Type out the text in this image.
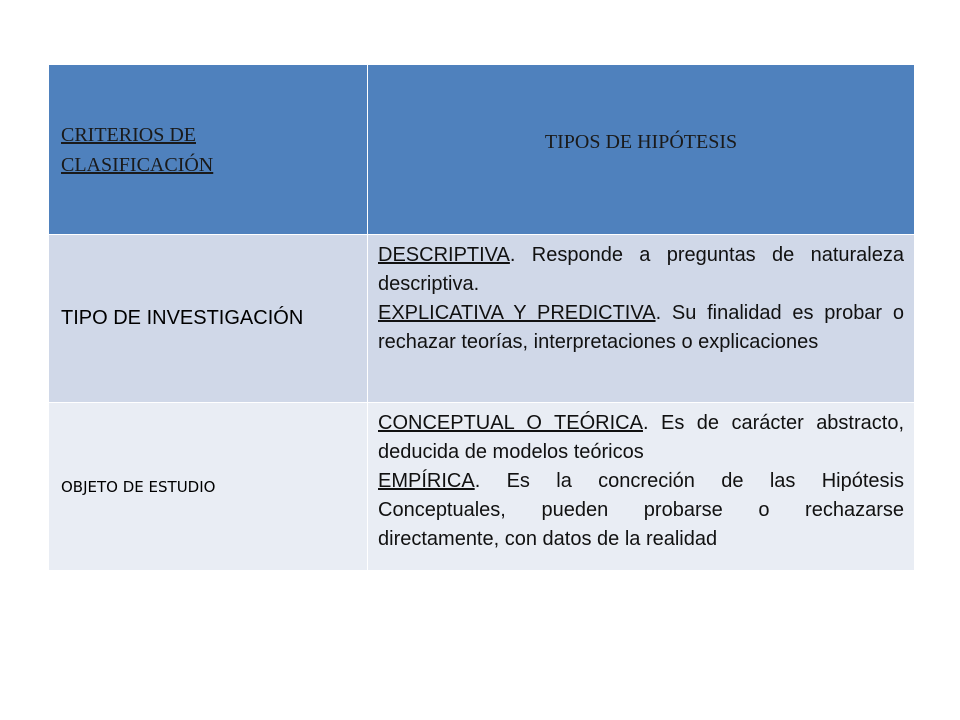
CRITERIOS DE
CLASIFICACIÓN	TIPOS DE HIPÓTESIS
TIPO DE INVESTIGACIÓN	DESCRIPTIVA. Responde a preguntas de naturaleza descriptiva.

EXPLICATIVA Y PREDICTIVA. Su finalidad es probar o rechazar teorías, interpretaciones o explicaciones

OBJETO DE ESTUDIO	CONCEPTUAL O TEÓRICA. Es de carácter abstracto, deducida de modelos teóricos

EMPÍRICA. Es la concreción de las Hipótesis Conceptuales, pueden probarse o rechazarse directamente, con datos de la realidad
